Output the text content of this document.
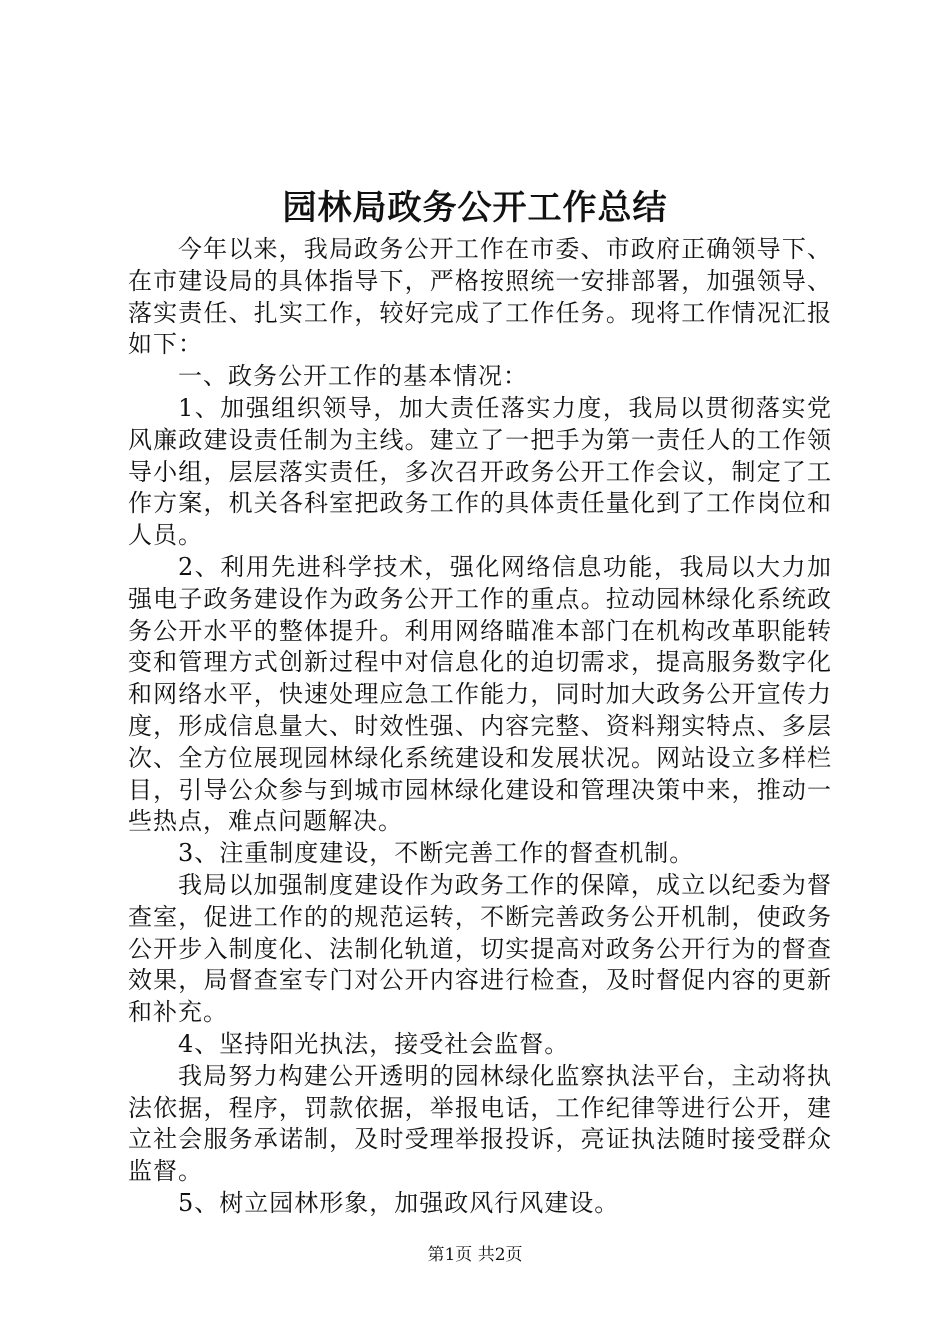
园林局政务公开工作总结

今年以来，我局政务公开工作在市委、市政府正确领导下、在市建设局的具体指导下，严格按照统一安排部署，加强领导、落实责任、扎实工作，较好完成了工作任务。现将工作情况汇报如下：

一、政务公开工作的基本情况：

1、加强组织领导，加大责任落实力度，我局以贯彻落实党风廉政建设责任制为主线。建立了一把手为第一责任人的工作领导小组，层层落实责任，多次召开政务公开工作会议，制定了工作方案，机关各科室把政务工作的具体责任量化到了工作岗位和人员。

2、利用先进科学技术，强化网络信息功能，我局以大力加强电子政务建设作为政务公开工作的重点。拉动园林绿化系统政务公开水平的整体提升。利用网络瞄准本部门在机构改革职能转变和管理方式创新过程中对信息化的迫切需求，提高服务数字化和网络水平，快速处理应急工作能力，同时加大政务公开宣传力度，形成信息量大、时效性强、内容完整、资料翔实特点、多层次、全方位展现园林绿化系统建设和发展状况。网站设立多样栏目，引导公众参与到城市园林绿化建设和管理决策中来，推动一些热点，难点问题解决。

3、注重制度建设，不断完善工作的督查机制。

我局以加强制度建设作为政务工作的保障，成立以纪委为督查室，促进工作的的规范运转，不断完善政务公开机制，使政务公开步入制度化、法制化轨道，切实提高对政务公开行为的督查效果，局督查室专门对公开内容进行检查，及时督促内容的更新和补充。

4、坚持阳光执法，接受社会监督。

我局努力构建公开透明的园林绿化监察执法平台，主动将执法依据，程序，罚款依据，举报电话，工作纪律等进行公开，建立社会服务承诺制，及时受理举报投诉，亮证执法随时接受群众监督。

5、树立园林形象，加强政风行风建设。

第1页 共2页
